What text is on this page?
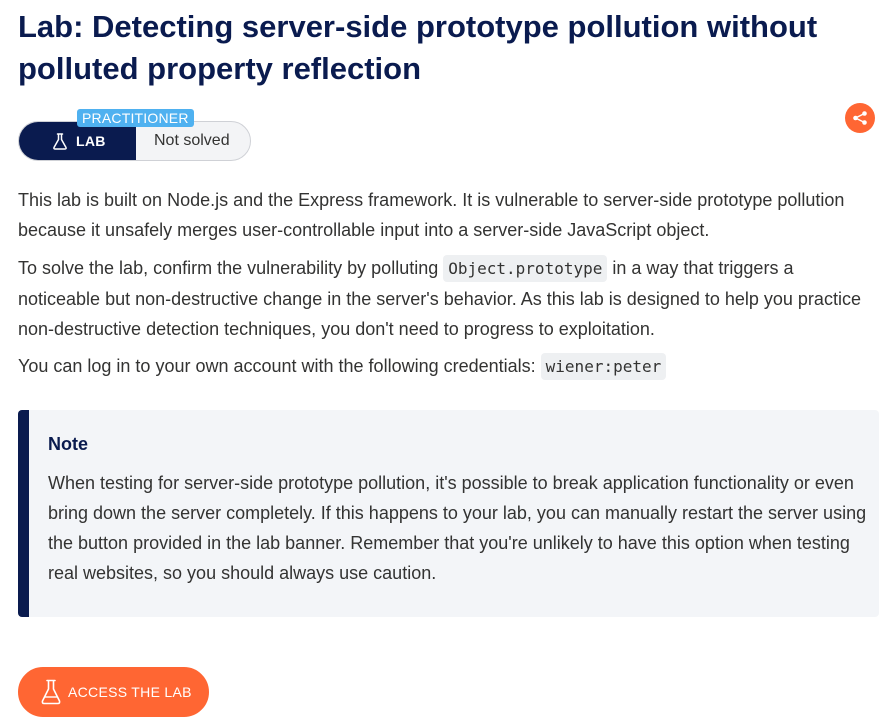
Lab: Detecting server-side prototype pollution without polluted property reflection
LAB
PRACTITIONER
Not solved

This lab is built on Node.js and the Express framework. It is vulnerable to server-side prototype pollution because it unsafely merges user-controllable input into a server-side JavaScript object.

To solve the lab, confirm the vulnerability by polluting Object.prototype in a way that triggers a noticeable but non-destructive change in the server's behavior. As this lab is designed to help you practice non-destructive detection techniques, you don't need to progress to exploitation.

You can log in to your own account with the following credentials: wiener:peter

Note
When testing for server-side prototype pollution, it's possible to break application functionality or even bring down the server completely. If this happens to your lab, you can manually restart the server using the button provided in the lab banner. Remember that you're unlikely to have this option when testing real websites, so you should always use caution.
ACCESS THE LAB
